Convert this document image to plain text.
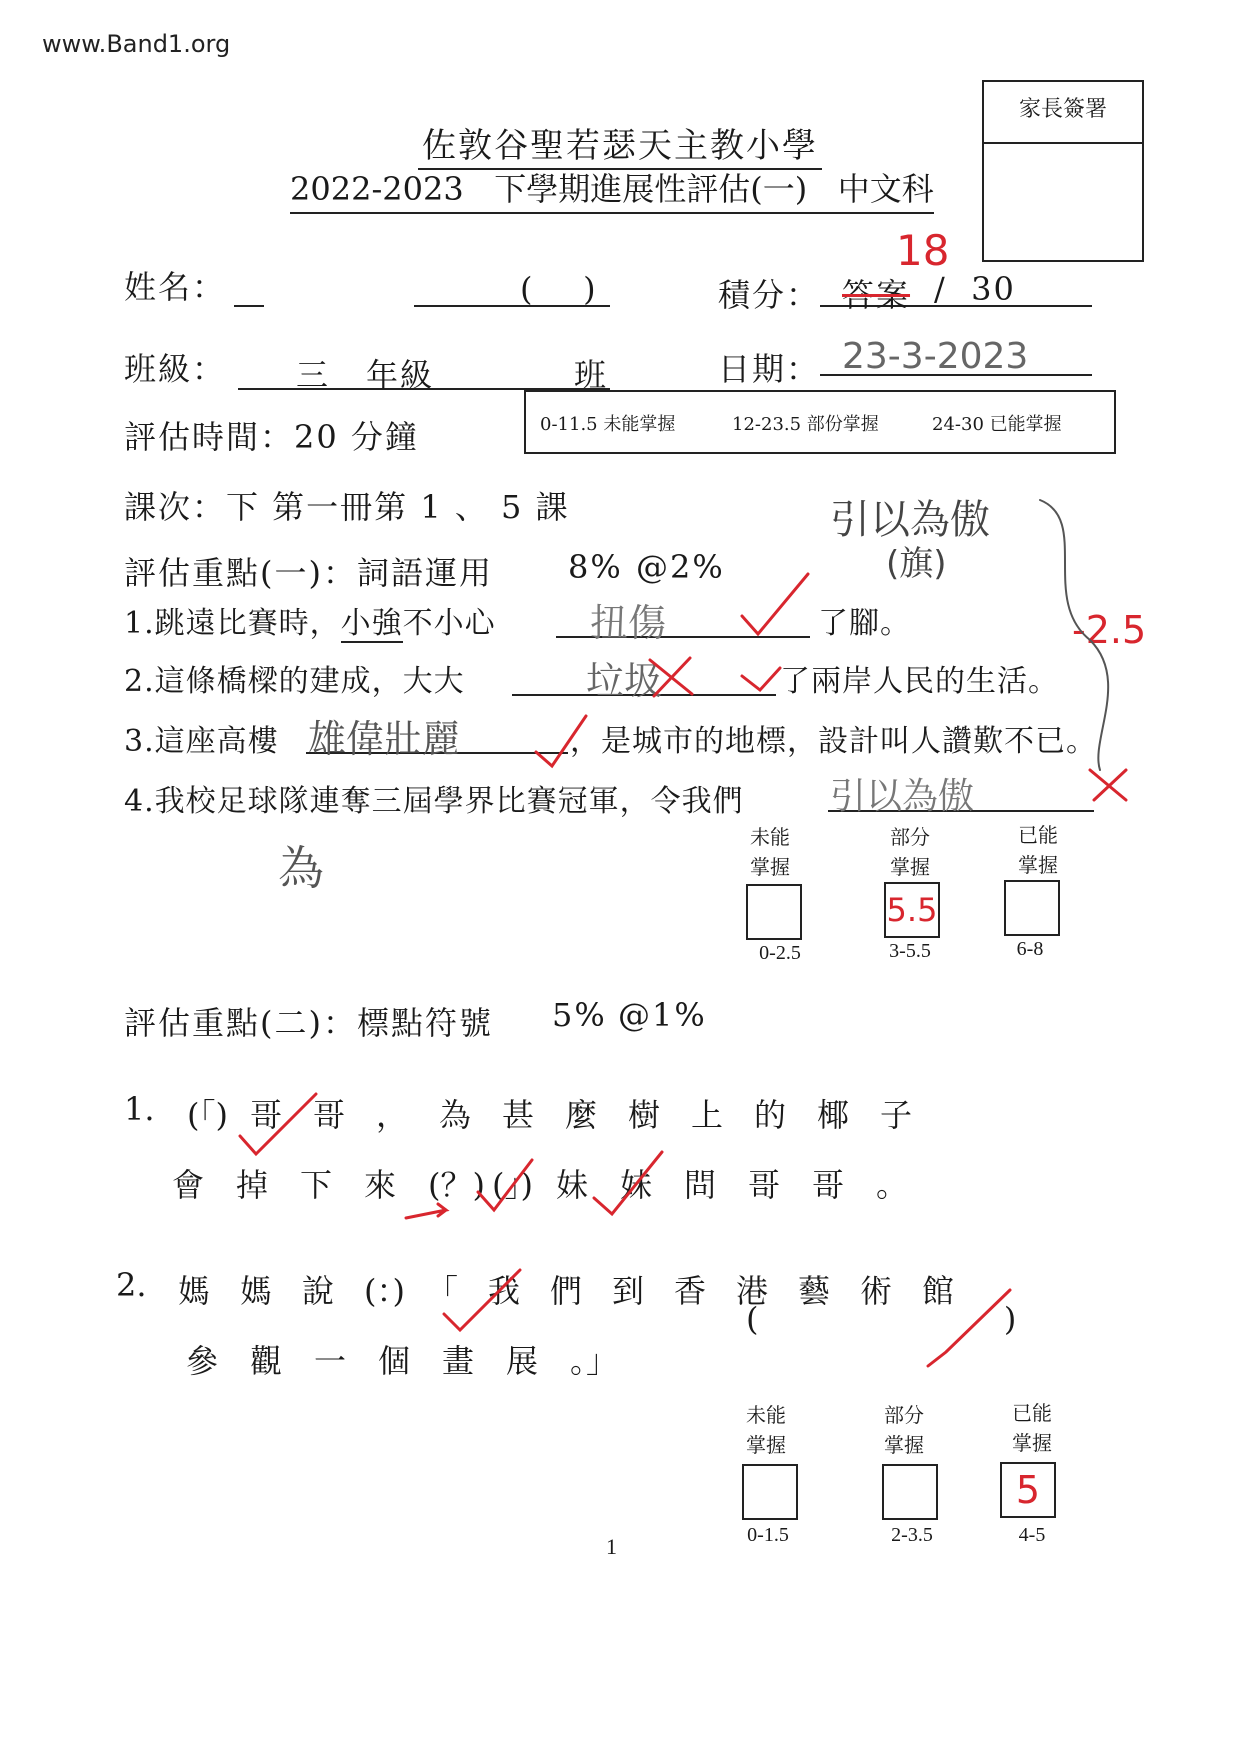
www.Band1.org
家長簽署
佐敦谷聖若瑟天主教小學
2022-2023   下學期進展性評估(一)   中文科
姓名：	(    )	積分： 答案
18
/  30
班級： 三 年級	班	日期： 23-3-2023
評估時間：20 分鐘	0-11.5 未能掌握	12-23.5 部份掌握	24-30 已能掌握
課次：下 第一冊第 1 、 5 課
評估重點(一)：詞語運用 8% @2%
引以為傲
(旗)
-2.5
1.跳遠比賽時，小強不小心 扭傷	了腳。
2.這條橋樑的建成，大大	垃圾	了兩岸人民的生活。
3.這座高樓 雄偉壯麗	，是城市的地標，設計叫人讚歎不已。
4.我校足球隊連奪三屆學界比賽冠軍，令我們 引以為傲
為
未能
掌握
部分
掌握
已能
掌握
5.5
0-2.5	3-5.5	6-8
評估重點(二)：標點符號 5% @1%
1. (「) 哥 哥 ， 為 甚 麼 樹 上 的 椰 子
會 掉 下 來 (？) (」) 妹 妹 問 哥 哥 。
2. 媽 媽 說 (：) 「 我 們 到 香 港 藝 術 館
參 觀 一 個 畫 展 。」
(                    )
未能
掌握
部分
掌握
已能
掌握
5
0-1.5	2-3.5	4-5
1
